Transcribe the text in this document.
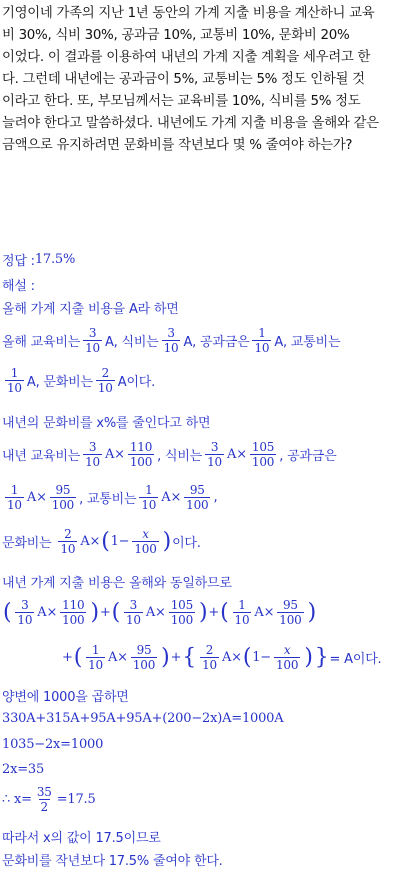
기영이네 가족의 지난 1년 동안의 가계 지출 비용을 계산하니 교육
비 30%, 식비 30%, 공과금 10%, 교통비 10%, 문화비 20%
이었다. 이 결과를 이용하여 내년의 가계 지출 계획을 세우려고 한
다. 그런데 내년에는 공과금이 5%, 교통비는 5% 정도 인하될 것
이라고 한다. 또, 부모님께서는 교육비를 10%, 식비를 5% 정도
늘려야 한다고 말씀하셨다. 내년에도 가계 지출 비용을 올해와 같은
금액으로 유지하려면 문화비를 작년보다 몇 % 줄여야 하는가?
정답 : 17.5%
해설 :
올해 가계 지출 비용을 A라 하면
올해 교육비는 $\frac{3}{10} A$, 식비는 $\frac{3}{10} A$, 공과금은 $\frac{1}{10} A$, 교통비는
$\frac{1}{10} A$, 문화비는 $\frac{2}{10}$ A이다.
내년의 문화비를 x%를 줄인다고 하면
내년 교육비는 $\frac{3}{10} A\times \frac{110}{100}$ , 식비는 $\frac{3}{10} A\times \frac{105}{100}$ , 공과금은
$\frac{1}{10} A\times \frac{95}{100}$ , 교통비는 $\frac{1}{10} A\times \frac{95}{100}$ ,
문화비는 $\frac{2}{10} A\times$ ( $1- \frac{x}{100}$ ) 이다.
내년 가계 지출 비용은 올해와 동일하므로
( $\frac{3}{10} A\times \frac{110}{100}$ ) + ( $\frac{3}{10} A\times \frac{105}{100}$ ) + ( $\frac{1}{10} A\times \frac{95}{100}$ )
+ ( $\frac{1}{10} A\times \frac{95}{100}$ ) + { $\frac{2}{10} A\times$ ( $1- \frac{x}{100}$ ) } = A이다.
양변에 1000을 곱하면
330A+315A+95A+95A+(200−2x)A=1000A
1035−2x=1000
2x=35
∴ $x= \frac{35}{2} =17.5$
따라서 x의 값이 17.5이므로
문화비를 작년보다 17.5% 줄여야 한다.
